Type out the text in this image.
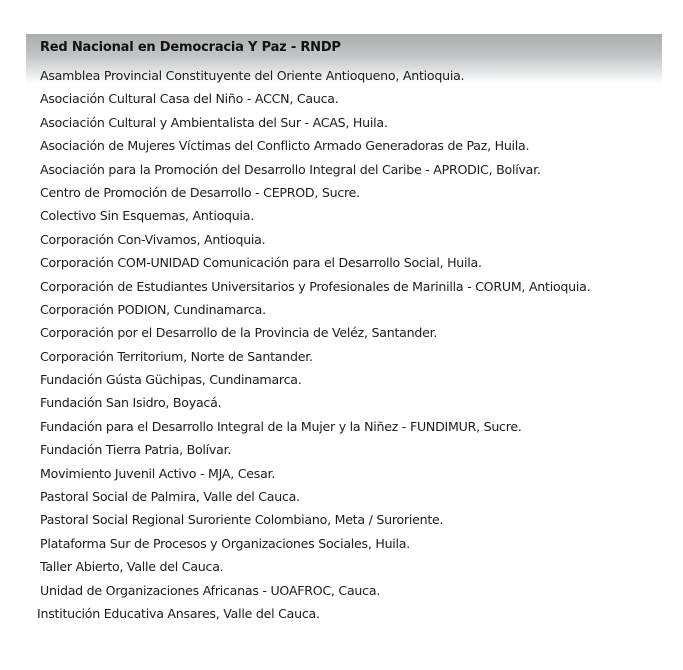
Red Nacional en Democracia Y Paz - RNDP
Asamblea Provincial Constituyente del Oriente Antioqueno, Antioquia.
Asociación Cultural Casa del Niño - ACCN, Cauca.
Asociación Cultural y Ambientalista del Sur - ACAS, Huila.
Asociación de Mujeres Víctimas del Conflicto Armado Generadoras de Paz, Huila.
Asociación para la Promoción del Desarrollo Integral del Caribe - APRODIC, Bolívar.
Centro de Promoción de Desarrollo - CEPROD, Sucre.
Colectivo Sin Esquemas, Antioquia.
Corporación Con-Vivamos, Antioquia.
Corporación COM-UNIDAD Comunicación para el Desarrollo Social, Huila.
Corporación de Estudiantes Universitarios y Profesionales de Marinilla - CORUM, Antioquia.
Corporación PODION, Cundinamarca.
Corporación por el Desarrollo de la Provincia de Veléz, Santander.
Corporación Territorium, Norte de Santander.
Fundación Gústa Güchipas, Cundinamarca.
Fundación San Isidro, Boyacá.
Fundación para el Desarrollo Integral de la Mujer y la Niñez - FUNDIMUR, Sucre.
Fundación Tierra Patria, Bolívar.
Movimiento Juvenil Activo - MJA, Cesar.
Pastoral Social de Palmira, Valle del Cauca.
Pastoral Social Regional Suroriente Colombiano, Meta / Suroriente.
Plataforma Sur de Procesos y Organizaciones Sociales, Huila.
Taller Abierto, Valle del Cauca.
Unidad de Organizaciones Africanas - UOAFROC, Cauca.
Institución Educativa Ansares, Valle del Cauca.
